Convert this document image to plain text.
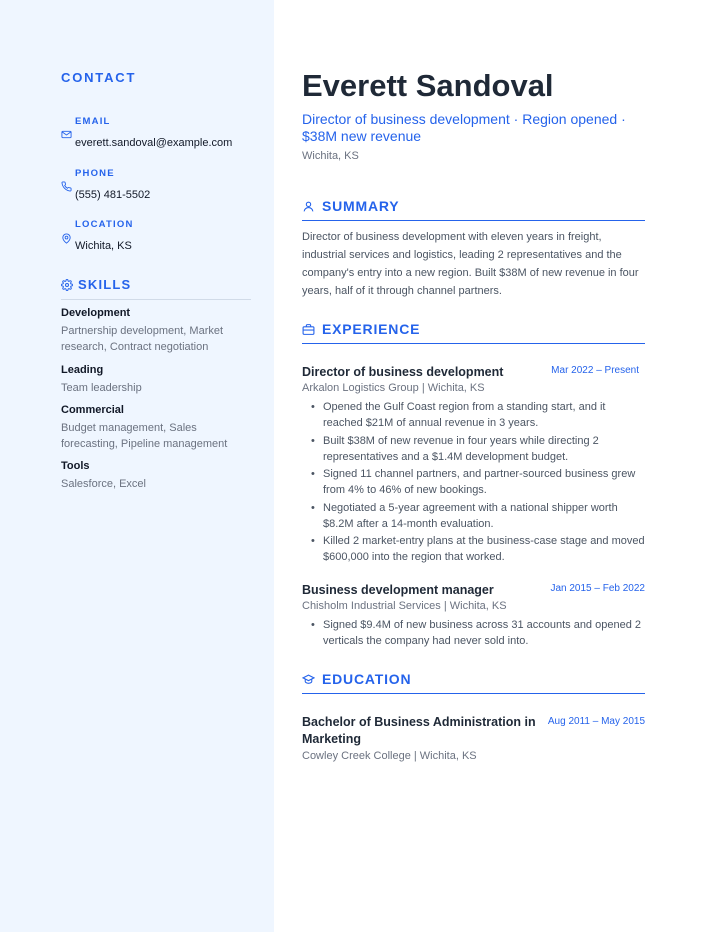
CONTACT
EMAIL
everett.sandoval@example.com
PHONE
(555) 481-5502
LOCATION
Wichita, KS
SKILLS
Development
Partnership development, Market research, Contract negotiation
Leading
Team leadership
Commercial
Budget management, Sales forecasting, Pipeline management
Tools
Salesforce, Excel
Everett Sandoval
Director of business development · Region opened · $38M new revenue
Wichita, KS
SUMMARY
Director of business development with eleven years in freight, industrial services and logistics, leading 2 representatives and the company's entry into a new region. Built $38M of new revenue in four years, half of it through channel partners.
EXPERIENCE
Director of business development	Mar 2022 – Present
Arkalon Logistics Group | Wichita, KS
• Opened the Gulf Coast region from a standing start, and it reached $21M of annual revenue in 3 years.
• Built $38M of new revenue in four years while directing 2 representatives and a $1.4M development budget.
• Signed 11 channel partners, and partner-sourced business grew from 4% to 46% of new bookings.
• Negotiated a 5-year agreement with a national shipper worth $8.2M after a 14-month evaluation.
• Killed 2 market-entry plans at the business-case stage and moved $600,000 into the region that worked.
Business development manager	Jan 2015 – Feb 2022
Chisholm Industrial Services | Wichita, KS
• Signed $9.4M of new business across 31 accounts and opened 2 verticals the company had never sold into.
EDUCATION
Bachelor of Business Administration in Marketing
Aug 2011 – May 2015
Cowley Creek College | Wichita, KS
